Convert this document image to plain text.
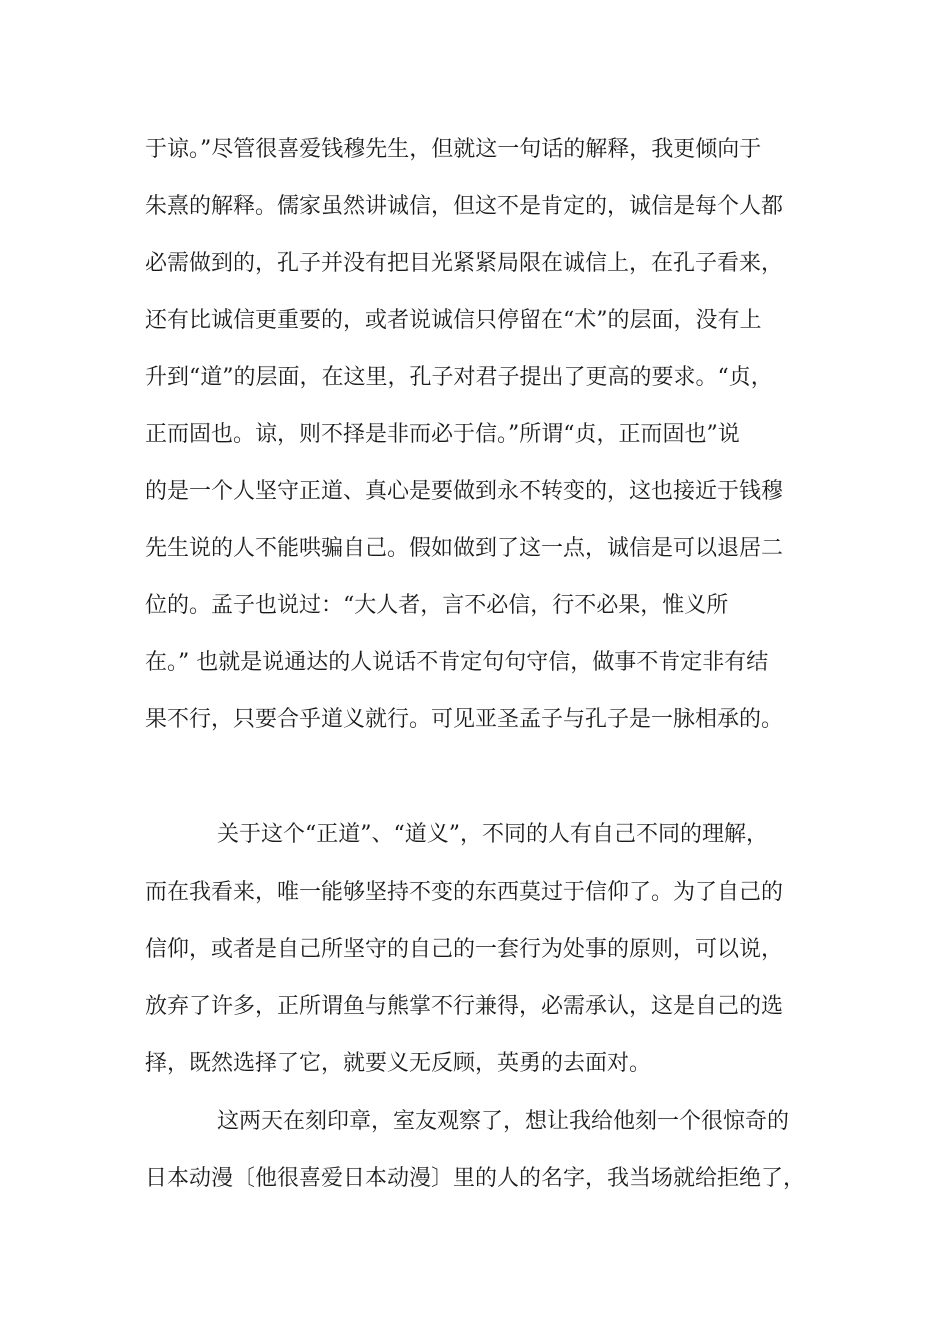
于谅。”尽管很喜爱钱穆先生，但就这一句话的解释，我更倾向于
朱熹的解释。儒家虽然讲诚信，但这不是肯定的，诚信是每个人都
必需做到的，孔子并没有把目光紧紧局限在诚信上，在孔子看来，
还有比诚信更重要的，或者说诚信只停留在“术”的层面，没有上
升到“道”的层面，在这里，孔子对君子提出了更高的要求。“贞，
正而固也。谅，则不择是非而必于信。”所谓“贞，正而固也”说
的是一个人坚守正道、真心是要做到永不转变的，这也接近于钱穆
先生说的人不能哄骗自己。假如做到了这一点，诚信是可以退居二
位的。孟子也说过：“大人者，言不必信，行不必果，惟义所
在。” 也就是说通达的人说话不肯定句句守信，做事不肯定非有结
果不行，只要合乎道义就行。可见亚圣孟子与孔子是一脉相承的。
关于这个“正道”、“道义”，不同的人有自己不同的理解，
而在我看来，唯一能够坚持不变的东西莫过于信仰了。为了自己的
信仰，或者是自己所坚守的自己的一套行为处事的原则，可以说，
放弃了许多，正所谓鱼与熊掌不行兼得，必需承认，这是自己的选
择，既然选择了它，就要义无反顾，英勇的去面对。
这两天在刻印章，室友观察了，想让我给他刻一个很惊奇的
日本动漫〔他很喜爱日本动漫〕里的人的名字，我当场就给拒绝了，
